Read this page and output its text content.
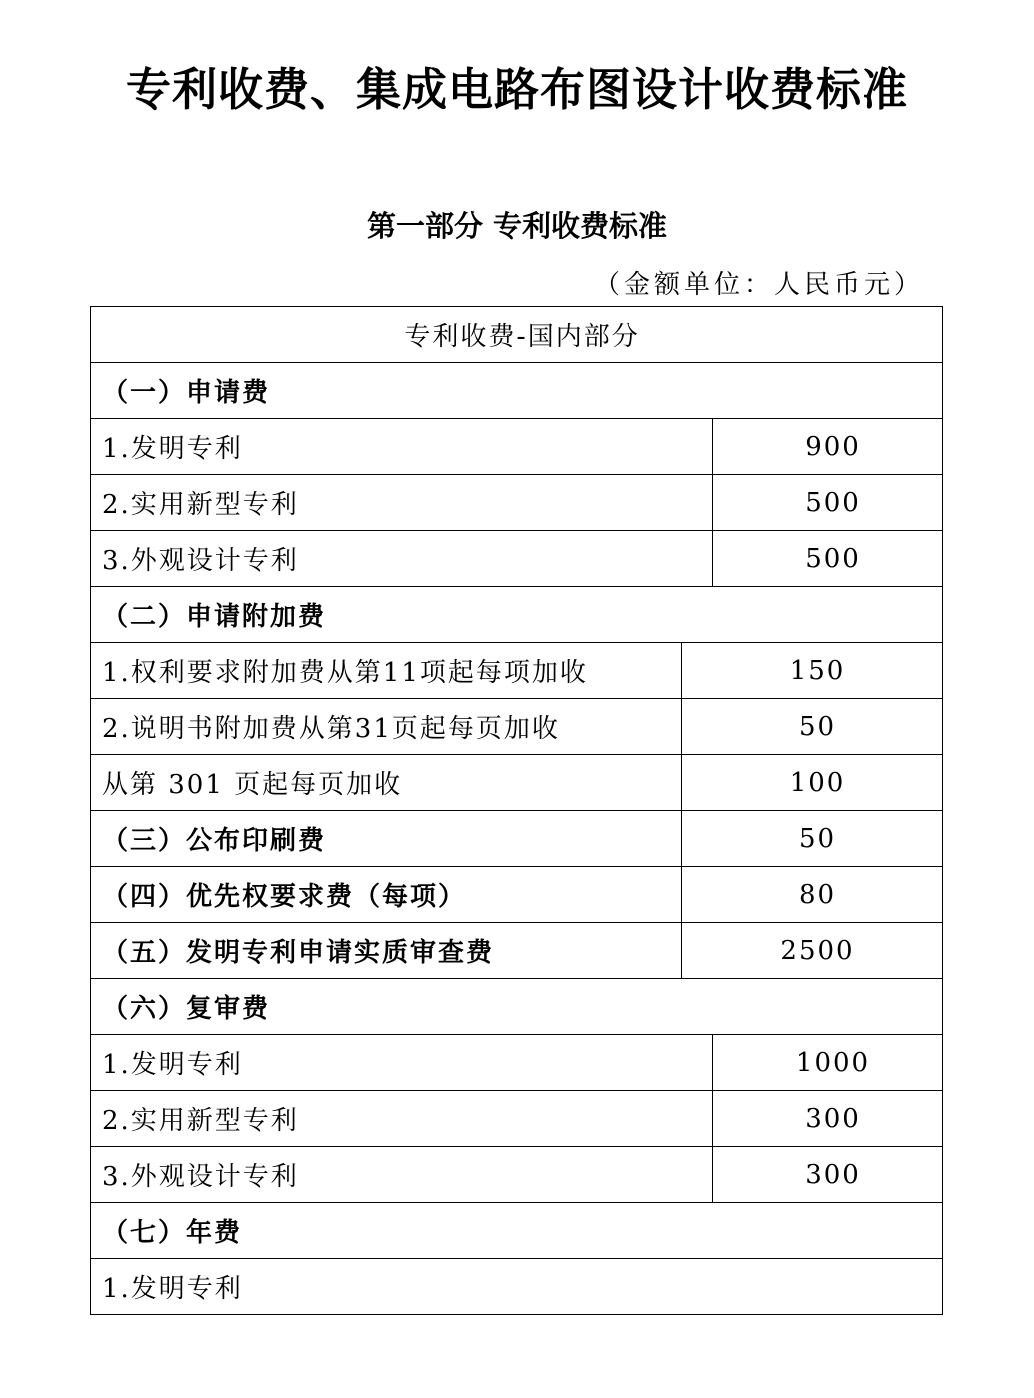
专利收费、集成电路布图设计收费标准
第一部分 专利收费标准
（金额单位：人民币元）
专利收费-国内部分		
（一）申请费		
1.发明专利		900
2.实用新型专利		500
3.外观设计专利		500
（二）申请附加费		
1.权利要求附加费从第11项起每项加收	150	
2.说明书附加费从第31页起每页加收	50	
从第 301 页起每页加收	100	
（三）公布印刷费	50	
（四）优先权要求费（每项）	80	
（五）发明专利申请实质审查费	2500	
（六）复审费		
1.发明专利		1000
2.实用新型专利		300
3.外观设计专利		300
（七）年费		
1.发明专利		
